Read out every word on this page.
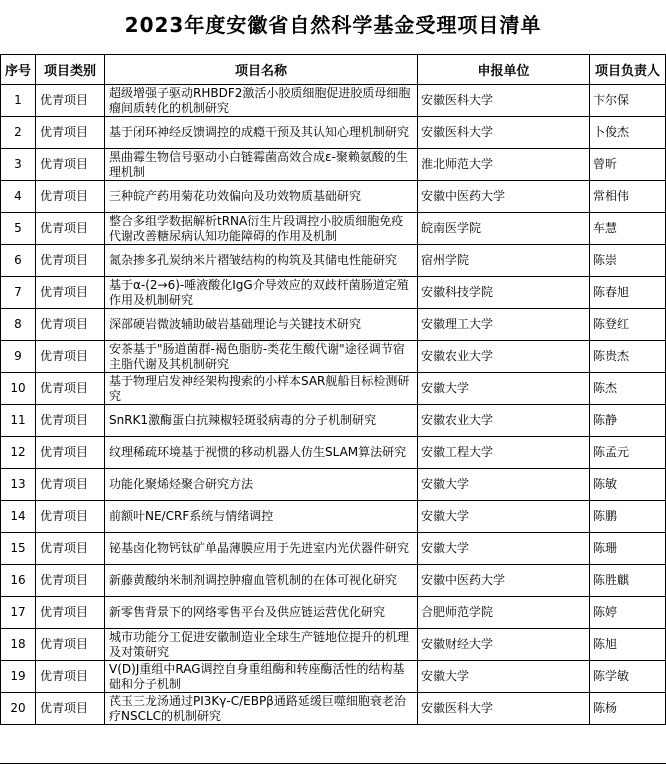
2023年度安徽省自然科学基金受理项目清单
序号	项目类别	项目名称	申报单位	项目负责人
1	优青项目	超级增强子驱动RHBDF2激活小胶质细胞促进胶质母细胞瘤间质转化的机制研究	安徽医科大学	卞尔保
2	优青项目	基于闭环神经反馈调控的成瘾干预及其认知心理机制研究	安徽医科大学	卜俊杰
3	优青项目	黑曲霉生物信号驱动小白链霉菌高效合成ε-聚赖氨酸的生理机制	淮北师范大学	曾昕
4	优青项目	三种皖产药用菊花功效偏向及功效物质基础研究	安徽中医药大学	常相伟
5	优青项目	整合多组学数据解析tRNA衍生片段调控小胶质细胞免疫代谢改善糖尿病认知功能障碍的作用及机制	皖南医学院	车慧
6	优青项目	氮杂掺多孔炭纳米片褶皱结构的构筑及其储电性能研究	宿州学院	陈崇
7	优青项目	基于α-(2→6)-唾液酸化IgG介导效应的双歧杆菌肠道定殖作用及机制研究	安徽科技学院	陈春旭
8	优青项目	深部硬岩微波辅助破岩基础理论与关键技术研究	安徽理工大学	陈登红
9	优青项目	安茶基于"肠道菌群-褐色脂肪-类花生酸代谢"途径调节宿主脂代谢及其机制研究	安徽农业大学	陈贵杰
10	优青项目	基于物理启发神经架构搜索的小样本SAR舰船目标检测研究	安徽大学	陈杰
11	优青项目	SnRK1激酶蛋白抗辣椒轻斑驳病毒的分子机制研究	安徽农业大学	陈静
12	优青项目	纹理稀疏环境基于视惯的移动机器人仿生SLAM算法研究	安徽工程大学	陈孟元
13	优青项目	功能化聚烯烃聚合研究方法	安徽大学	陈敏
14	优青项目	前额叶NE/CRF系统与情绪调控	安徽大学	陈鹏
15	优青项目	铋基卤化物钙钛矿单晶薄膜应用于先进室内光伏器件研究	安徽大学	陈珊
16	优青项目	新藤黄酸纳米制剂调控肿瘤血管机制的在体可视化研究	安徽中医药大学	陈胜麒
17	优青项目	新零售背景下的网络零售平台及供应链运营优化研究	合肥师范学院	陈婷
18	优青项目	城市功能分工促进安徽制造业全球生产链地位提升的机理及对策研究	安徽财经大学	陈旭
19	优青项目	V(D)J重组中RAG调控自身重组酶和转座酶活性的结构基础和分子机制	安徽大学	陈学敏
20	优青项目	芪玉三龙汤通过PI3Kγ-C/EBPβ通路延缓巨噬细胞衰老治疗NSCLC的机制研究	安徽医科大学	陈杨
